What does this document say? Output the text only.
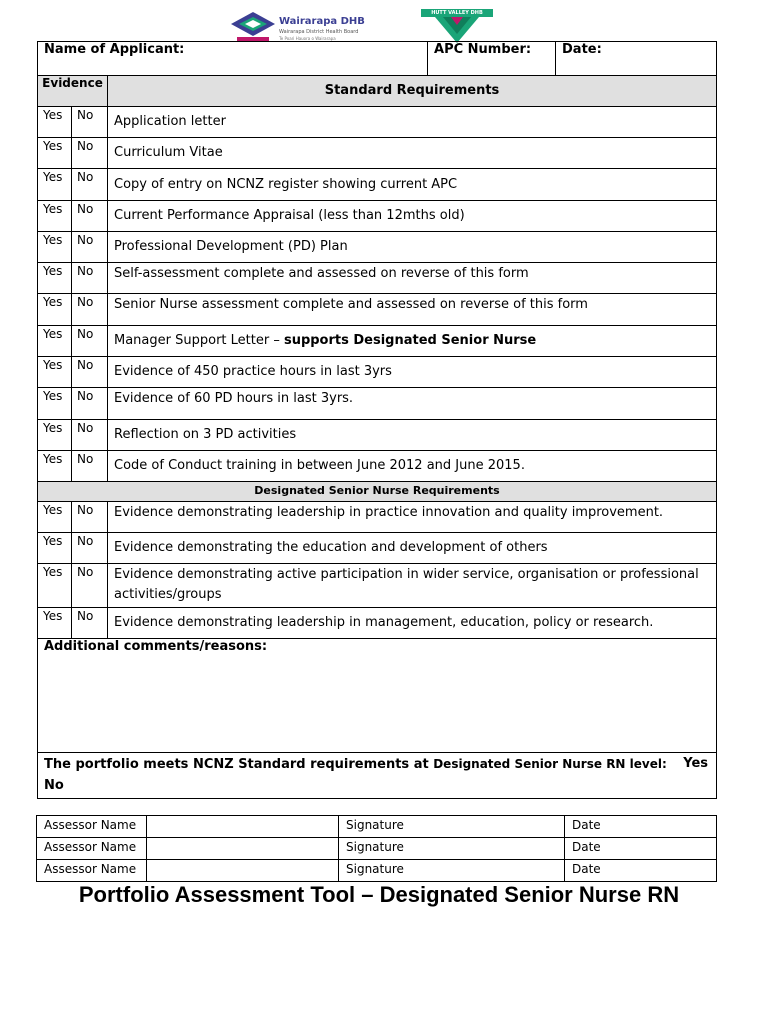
Wairarapa DHB
Wairarapa District Health Board
Te Poari Hauora o Wairarapa
HUTT VALLEY DHB
Name of Applicant:			APC Number:	Date:

Evidence		Standard Requirements		
Yes	No	Application letter		
Yes	No	Curriculum Vitae		
Yes	No	Copy of entry on NCNZ register showing current APC		
Yes	No	Current Performance Appraisal (less than 12mths old)		
Yes	No	Professional Development (PD) Plan		
Yes	No	Self-assessment complete and assessed on reverse of this form		
Yes	No	Senior Nurse assessment complete and assessed on reverse of this form		
Yes	No	Manager Support Letter – supports Designated Senior Nurse		
Yes	No	Evidence of 450 practice hours in last 3yrs		
Yes	No	Evidence of 60 PD hours in last 3yrs.		
Yes	No	Reflection on 3 PD activities		
Yes	No	Code of Conduct training in between June 2012 and June 2015.		
Designated Senior Nurse Requirements				
Yes	No	Evidence demonstrating leadership in practice innovation and quality improvement.		
Yes	No	Evidence demonstrating the education and development of others		
Yes	No	Evidence demonstrating active participation in wider service, organisation or professional activities/groups		
Yes	No	Evidence demonstrating leadership in management, education, policy or research.		
Additional comments/reasons:				

The portfolio meets NCNZ Standard requirements at Designated Senior Nurse RN level: Yes
No				
Assessor Name		Signature	Date
Assessor Name		Signature	Date
Assessor Name		Signature	Date
Portfolio Assessment Tool – Designated Senior Nurse RN
